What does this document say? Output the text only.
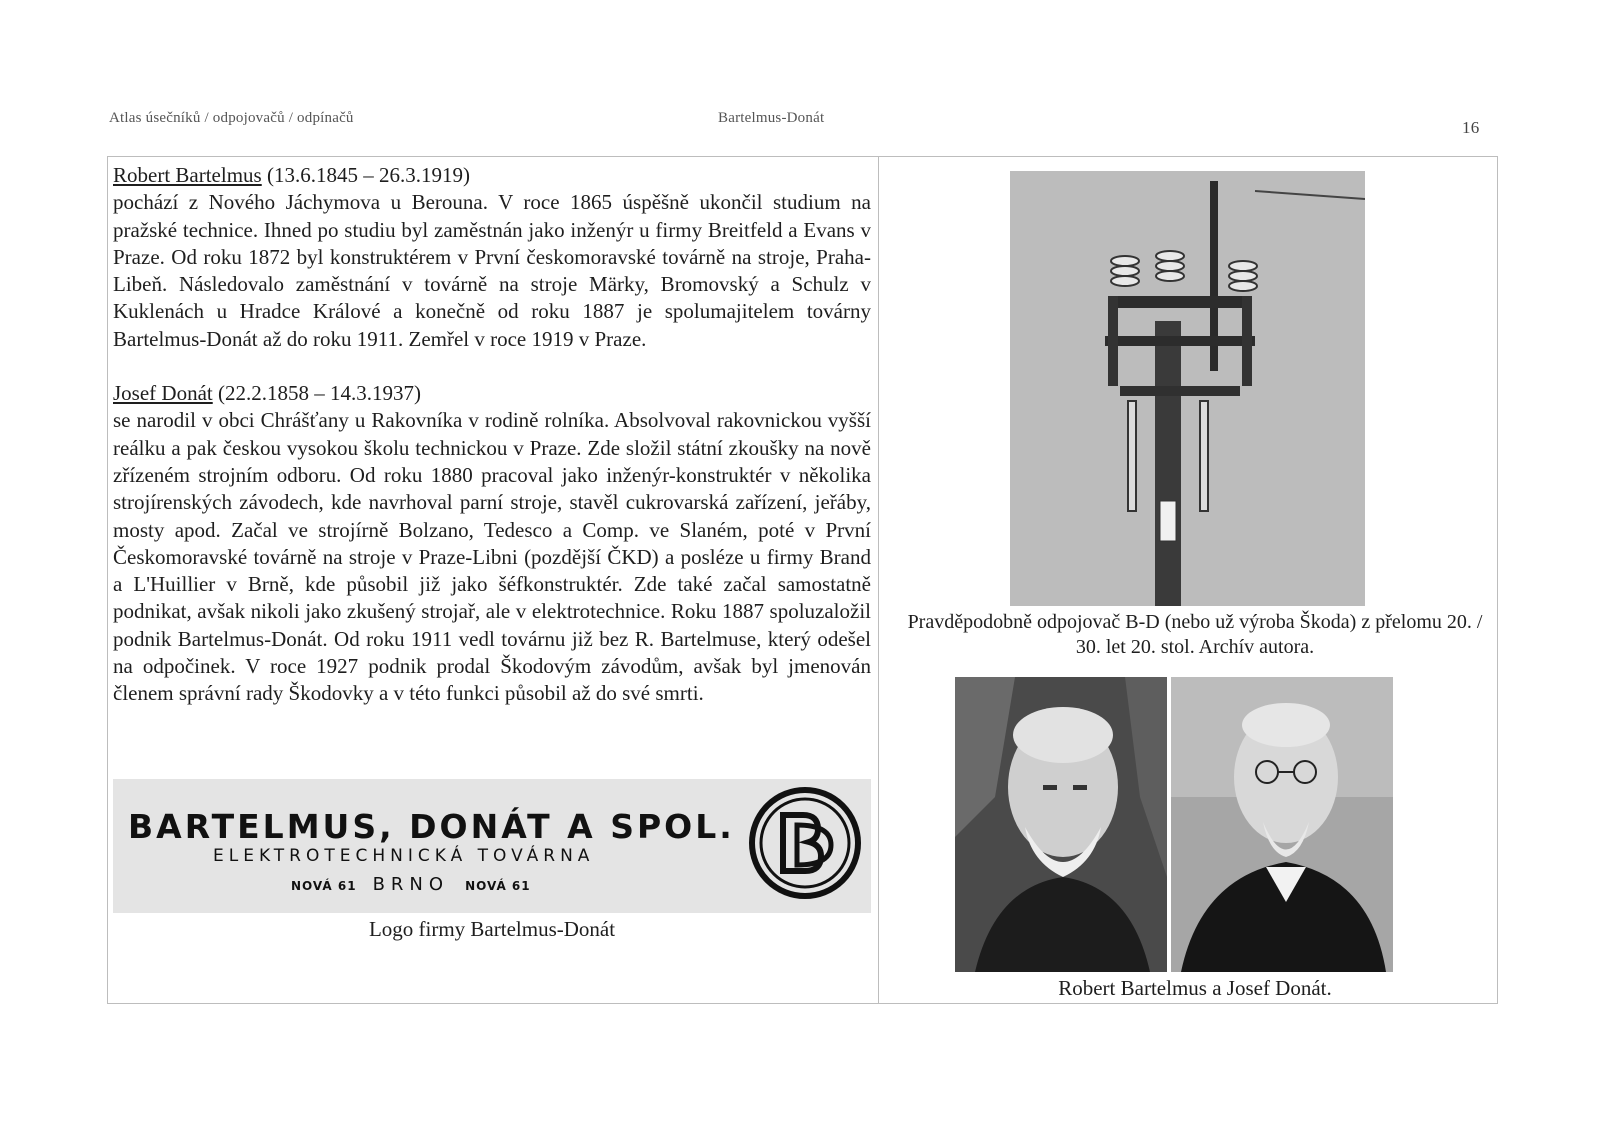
Atlas úsečníků / odpojovačů / odpínačů	Bartelmus-Donát	16

Robert Bartelmus (13.6.1845 – 26.3.1919)

pochází z Nového Jáchymova u Berouna. V roce 1865 úspěšně ukončil studium na pražské technice. Ihned po studiu byl zaměstnán jako inženýr u firmy Breitfeld a Evans v Praze. Od roku 1872 byl konstruktérem v První českomoravské továrně na stroje, Praha-Libeň. Následovalo zaměstnání v továrně na stroje Märky, Bromovský a Schulz v Kuklenách u Hradce Králové a konečně od roku 1887 je spolumajitelem továrny Bartelmus-Donát až do roku 1911. Zemřel v roce 1919 v Praze.

Josef Donát (22.2.1858 – 14.3.1937)

se narodil v obci Chrášťany u Rakovníka v rodině rolníka. Absolvoval rakovnickou vyšší reálku a pak českou vysokou školu technickou v Praze. Zde složil státní zkoušky na nově zřízeném strojním odboru. Od roku 1880 pracoval jako inženýr-konstruktér v několika strojírenských závodech, kde navrhoval parní stroje, stavěl cukrovarská zařízení, jeřáby, mosty apod. Začal ve strojírně Bolzano, Tedesco a Comp. ve Slaném, poté v První Českomoravské továrně na stroje v Praze-Libni (pozdější ČKD) a posléze u firmy Brand a L'Huillier v Brně, kde působil již jako šéfkonstruktér. Zde také začal samostatně podnikat, avšak nikoli jako zkušený strojař, ale v elektrotechnice. Roku 1887 spoluzaložil podnik Bartelmus-Donát. Od roku 1911 vedl továrnu již bez R. Bartelmuse, který odešel na odpočinek. V roce 1927 podnik prodal Škodovým závodům, avšak byl jmenován členem správní rady Škodovky a v této funkci působil až do své smrti.

BARTELMUS, DONÁT A SPOL.
ELEKTROTECHNICKÁ TOVÁRNA
NOVÁ 61 BRNO NOVÁ 61
Logo firmy Bartelmus-Donát
Pravděpodobně odpojovač B-D (nebo už výroba Škoda) z přelomu 20. / 30. let 20. stol. Archív autora.
Robert Bartelmus a Josef Donát.
